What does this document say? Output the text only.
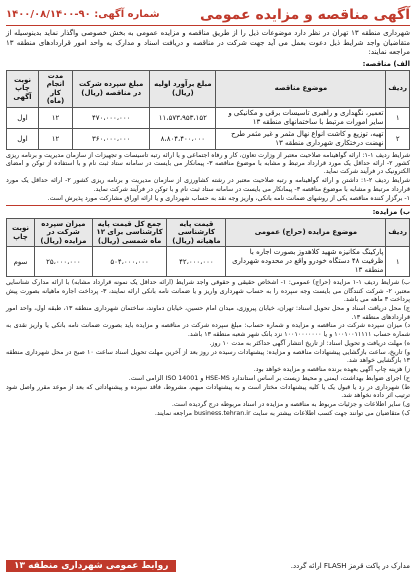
آگهی مناقصه و مزایده عمومی
شماره آگهی: ۹۰-۱۴۰۰/۰۸/۱۴۰۰
شهرداری منطقه ۱۳ تهران در نظر دارد موضوعات ذیل را از طریق مناقصه و مزایده عمومی به بخش خصوصی واگذار نماید بدینوسیله از متقاضیان واجد شرایط ذیل دعوت بعمل می آید جهت شرکت در مناقصه و دریافت اسناد و مدارک به واحد امور قراردادهای منطقه ۱۳ مراجعه نمایند:
الف) مناقصه:
ردیف	موضوع مناقصه	مبلغ برآورد اولیه (ریال)	مبلغ سپرده شرکت در مناقصه (ریال)	مدت انجام کار (ماه)	نوبت چاپ آگهی
۱	تعمیر، نگهداری و راهبری تاسیسات برقی و مکانیکی و سایر امورات مرتبط با ساختمانهای منطقه ۱۳	۱۱،۵۷۳،۹۵۳،۱۵۲	۴۷۰،۰۰۰،۰۰۰	۱۲	اول
۲	تهیه، توزیع و کاشت انواع نهال مثمر و غیر مثمر طرح نهضت درختکاری شهرداری منطقه ۱۳	۸،۸۰۴،۴۰۰،۰۰۰	۳۶۰،۰۰۰،۰۰۰	۱۲	اول

شرایط ردیف ۱-۱: ارائه گواهینامه صلاحیت معتبر از وزارت تعاون، کار و رفاه اجتماعی و یا ارائه رتبه تاسیسات و تجهیزات از سازمان مدیریت و برنامه ریزی کشور ۲- ارائه حداقل یک مورد قرارداد مرتبط و مشابه با موضوع مناقصه ۳- پیمانکار می بایست در سامانه ستاد ثبت نام و با استفاده از توکن و امضای الکترونیک در فرآیند شرکت نماید.

شرایط ردیف ۲-۱: داشتن و ارائه گواهینامه و رتبه صلاحیت معتبر در رشته کشاورزی از سازمان مدیریت و برنامه ریزی کشور ۲- ارائه حداقل یک مورد قرارداد مرتبط و مشابه با موضوع مناقصه ۳- پیمانکار می بایست در سامانه ستاد ثبت نام و با توکن در فرآیند شرکت نماید.

۱- برگزار کننده مناقصه یکی از روشهای ضمانت نامه بانکی، واریز وجه نقد به حساب شهرداری و یا ارائه اوراق مشارکت مورد پذیرش است.

ب) مزایده:
ردیف	موضوع مزایده (حراج) عمومی	قیمت پایه کارشناسی ماهیانه (ریال)	جمع کل قیمت پایه کارشناسی برای ۱۲ ماه شمسی (ریال)	میزان سپرده شرکت در مزایده (ریال)	نوبت چاپ
۱	پارکینگ مکانیزه شهید کلاهدوز بصورت اجاره با ظرفیت ۴۸ دستگاه خودرو واقع در محدوده شهرداری منطقه ۱۳	۴۲،۰۰۰،۰۰۰	۵۰۴،۰۰۰،۰۰۰	۲۵،۰۰۰،۰۰۰	سوم

ب) شرایط ردیف ۱-۱ مزایده (حراج) عمومی: ۱- اشخاص حقیقی و حقوقی واجد شرایط (ارائه حداقل یک نمونه قرارداد مشابه) با ارائه مدارک شناسایی معتبر، ۲- شرکت کنندگان می بایست وجه سپرده را به حساب شهرداری واریز و یا ضمانت نامه بانکی ارائه نمایند، ۳- پرداخت اجاره ماهیانه بصورت پیش پرداخت ۳ ماهه می باشد.

ج) محل دریافت اسناد و محل تحویل اسناد: تهران، خیابان پیروزی، میدان امام حسین، خیابان دماوند، ساختمان شهرداری منطقه ۱۳، طبقه اول، واحد امور قراردادهای منطقه ۱۳.

د) میزان سپرده شرکت در مناقصه و مزایده و شماره حساب: مبلغ سپرده شرکت در مناقصه و مزایده باید بصورت ضمانت نامه بانکی یا واریز نقدی به شماره حساب ۱۰۰۱۰۰۱۱۱۱۱ و یا ۱۰۰۱۰۰۰۰۰۰۰ نزد بانک شهر شعبه منطقه ۱۳ باشد.

ه) مهلت دریافت و تحویل اسناد: از تاریخ انتشار آگهی حداکثر به مدت ۱۰ روز.

و) تاریخ، ساعت بازگشایی پیشنهادات مناقصه و مزایده: پیشنهادات رسیده در روز بعد از آخرین مهلت تحویل اسناد ساعت ۱۰ صبح در محل شهرداری منطقه ۱۳ بازگشایی خواهد شد.

ز) هزینه چاپ آگهی بعهده برنده مناقصه و مزایده خواهد بود.

ح) اجرای ضوابط بهداشت، ایمنی و محیط زیست بر اساس استاندارد HSE-MS و ISO 14001 الزامی است.

ط) شهرداری در رد یا قبول یک یا کلیه پیشنهادات مختار است و به پیشنهادات مبهم، مشروط، فاقد سپرده و پیشنهاداتی که بعد از موعد مقرر واصل شود ترتیب اثر داده نخواهد شد.

ی) سایر اطلاعات و جزئیات مربوط به مناقصه و مزایده در اسناد مربوطه درج گردیده است.

ک) متقاضیان می توانند جهت کسب اطلاعات بیشتر به سایت business.tehran.ir مراجعه نمایند.

مدارک در پاکت قرمز FLASH ارائه گردد.
روابط عمومی شهرداری منطقه ۱۳
